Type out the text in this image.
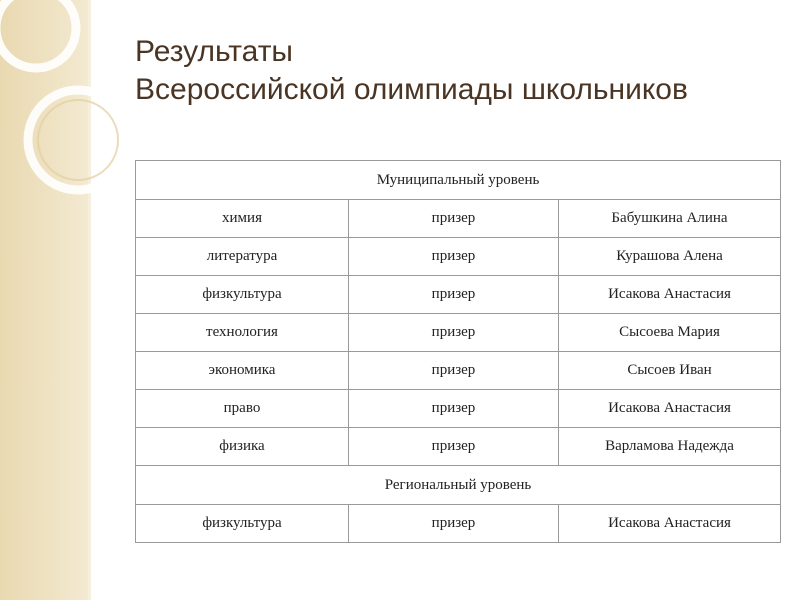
Результаты
Всероссийской олимпиады школьников
Муниципальный уровень		
химия	призер	Бабушкина Алина
литература	призер	Курашова Алена
физкультура	призер	Исакова Анастасия
технология	призер	Сысоева Мария
экономика	призер	Сысоев Иван
право	призер	Исакова Анастасия
физика	призер	Варламова Надежда
Региональный уровень		
физкультура	призер	Исакова Анастасия
